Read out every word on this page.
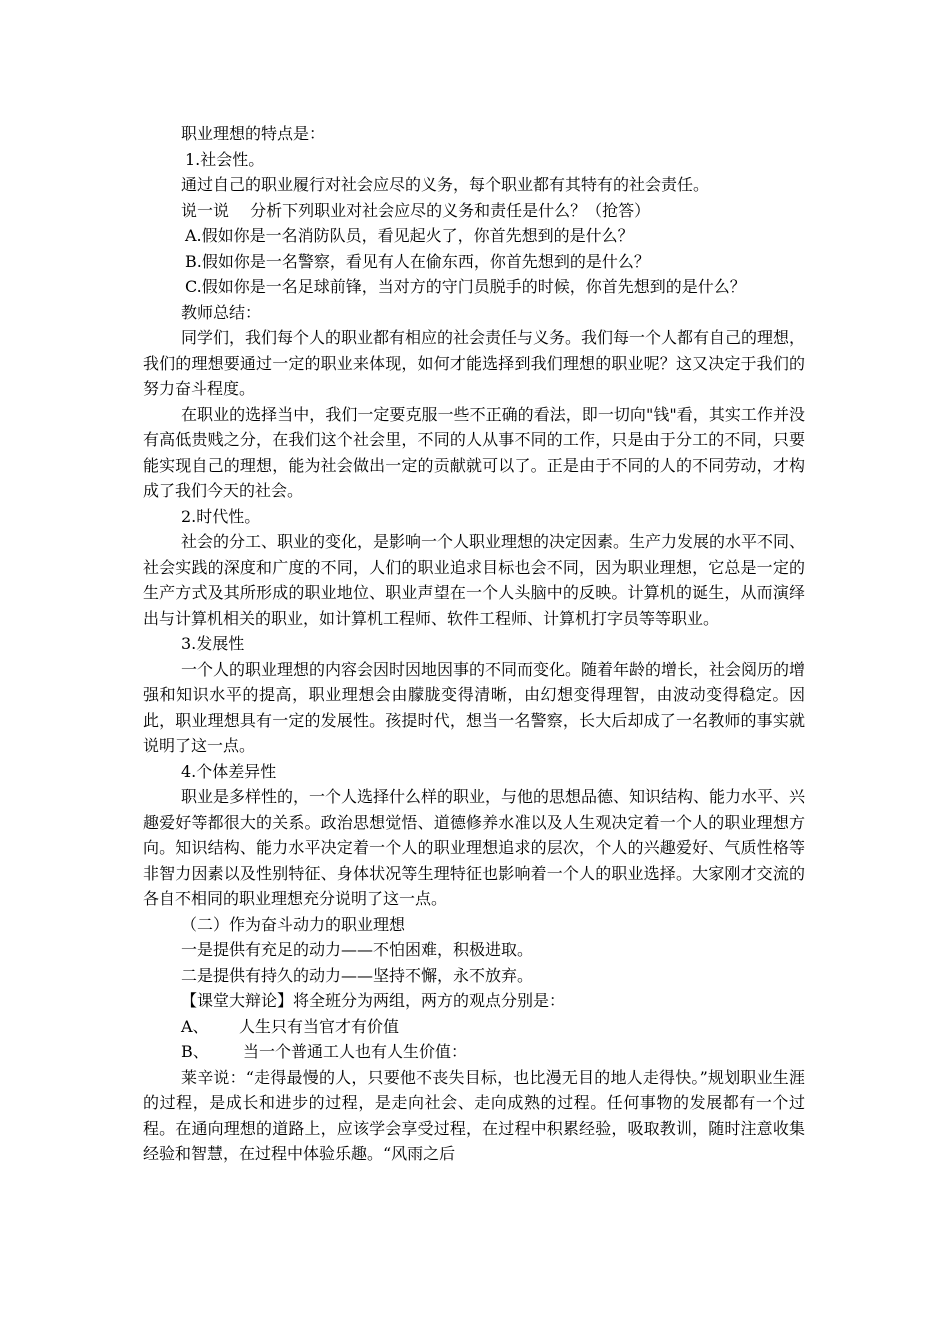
职业理想的特点是：

1.社会性。

通过自己的职业履行对社会应尽的义务，每个职业都有其特有的社会责任。

说一说　 分析下列职业对社会应尽的义务和责任是什么？（抢答）

A.假如你是一名消防队员，看见起火了，你首先想到的是什么？

B.假如你是一名警察，看见有人在偷东西，你首先想到的是什么？

C.假如你是一名足球前锋，当对方的守门员脱手的时候，你首先想到的是什么？

教师总结：

同学们，我们每个人的职业都有相应的社会责任与义务。我们每一个人都有自己的理想，我们的理想要通过一定的职业来体现，如何才能选择到我们理想的职业呢？这又决定于我们的努力奋斗程度。

在职业的选择当中，我们一定要克服一些不正确的看法，即一切向"钱"看，其实工作并没有高低贵贱之分，在我们这个社会里，不同的人从事不同的工作，只是由于分工的不同，只要能实现自己的理想，能为社会做出一定的贡献就可以了。正是由于不同的人的不同劳动，才构成了我们今天的社会。

2.时代性。

社会的分工、职业的变化，是影响一个人职业理想的决定因素。生产力发展的水平不同、社会实践的深度和广度的不同，人们的职业追求目标也会不同，因为职业理想，它总是一定的生产方式及其所形成的职业地位、职业声望在一个人头脑中的反映。计算机的诞生，从而演绎出与计算机相关的职业，如计算机工程师、软件工程师、计算机打字员等等职业。

3.发展性

一个人的职业理想的内容会因时因地因事的不同而变化。随着年龄的增长，社会阅历的增强和知识水平的提高，职业理想会由朦胧变得清晰，由幻想变得理智，由波动变得稳定。因此，职业理想具有一定的发展性。孩提时代，想当一名警察，长大后却成了一名教师的事实就说明了这一点。

4.个体差异性

职业是多样性的，一个人选择什么样的职业，与他的思想品德、知识结构、能力水平、兴趣爱好等都很大的关系。政治思想觉悟、道德修养水准以及人生观决定着一个人的职业理想方向。知识结构、能力水平决定着一个人的职业理想追求的层次，个人的兴趣爱好、气质性格等非智力因素以及性别特征、身体状况等生理特征也影响着一个人的职业选择。大家刚才交流的各自不相同的职业理想充分说明了这一点。

（二）作为奋斗动力的职业理想

一是提供有充足的动力——不怕困难，积极进取。

二是提供有持久的动力——坚持不懈，永不放弃。

【课堂大辩论】将全班分为两组，两方的观点分别是：

A、 人生只有当官才有价值

B、 当一个普通工人也有人生价值：

莱辛说：“走得最慢的人，只要他不丧失目标，也比漫无目的地人走得快。”规划职业生涯的过程，是成长和进步的过程，是走向社会、走向成熟的过程。任何事物的发展都有一个过程。在通向理想的道路上，应该学会享受过程，在过程中积累经验，吸取教训，随时注意收集经验和智慧，在过程中体验乐趣。“风雨之后
